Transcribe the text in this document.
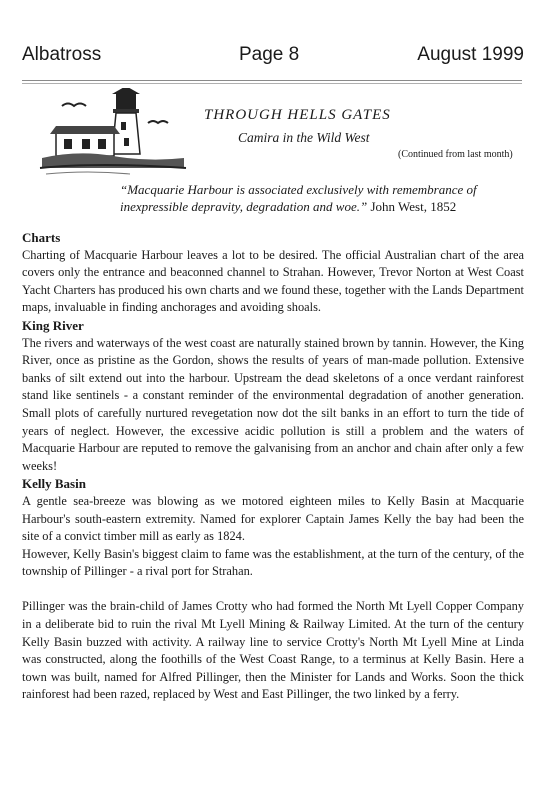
Albatross	Page 8	August 1999
THROUGH HELLS GATES
Camira in the Wild West
(Continued from last month)
“Macquarie Harbour is associated exclusively with remembrance of inexpressible depravity, degradation and woe.” John West, 1852
Charts

Charting of Macquarie Harbour leaves a lot to be desired. The official Australian chart of the area covers only the entrance and beaconned channel to Strahan. However, Trevor Norton at West Coast Yacht Charters has produced his own charts and we found these, together with the Lands Department maps, invaluable in finding anchorages and avoiding shoals.

King River

The rivers and waterways of the west coast are naturally stained brown by tannin. However, the King River, once as pristine as the Gordon, shows the results of years of man-made pollution. Extensive banks of silt extend out into the harbour. Upstream the dead skeletons of a once verdant rainforest stand like sentinels - a constant reminder of the environmental degradation of another generation. Small plots of carefully nurtured revegetation now dot the silt banks in an effort to turn the tide of years of neglect. However, the excessive acidic pollution is still a problem and the waters of Macquarie Harbour are reputed to remove the galvanising from an anchor and chain after only a few weeks!

Kelly Basin

A gentle sea-breeze was blowing as we motored eighteen miles to Kelly Basin at Macquarie Harbour's south-eastern extremity. Named for explorer Captain James Kelly the bay had been the site of a convict timber mill as early as 1824.

However, Kelly Basin's biggest claim to fame was the establishment, at the turn of the century, of the township of Pillinger - a rival port for Strahan.

Pillinger was the brain-child of James Crotty who had formed the North Mt Lyell Copper Company in a deliberate bid to ruin the rival Mt Lyell Mining & Railway Limited. At the turn of the century Kelly Basin buzzed with activity. A railway line to service Crotty's North Mt Lyell Mine at Linda was constructed, along the foothills of the West Coast Range, to a terminus at Kelly Basin. Here a town was built, named for Alfred Pillinger, then the Minister for Lands and Works. Soon the thick rainforest had been razed, replaced by West and East Pillinger, the two linked by a ferry.
